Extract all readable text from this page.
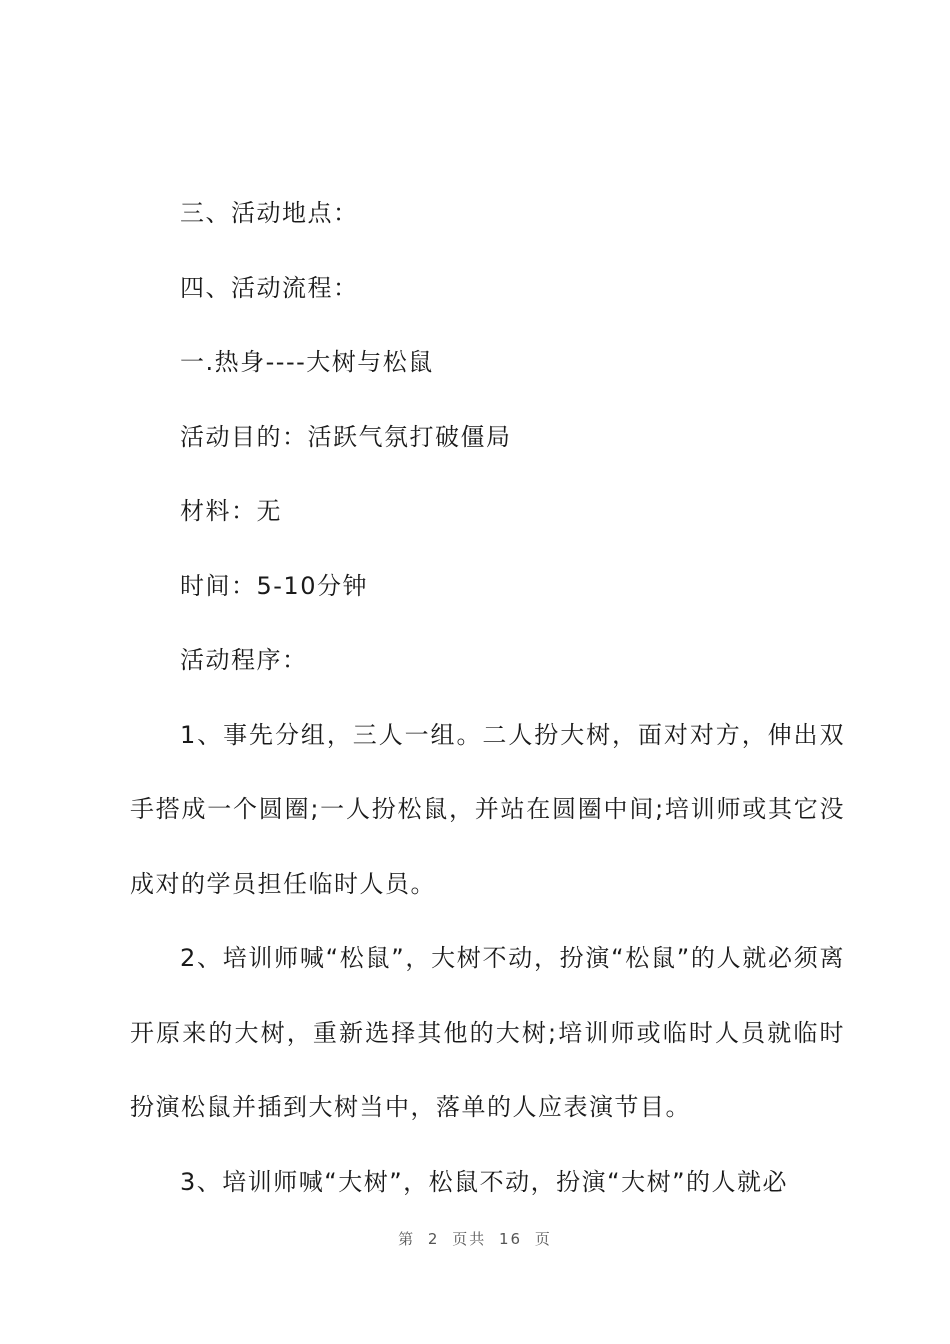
三、活动地点：

四、活动流程：

一.热身----大树与松鼠

活动目的：活跃气氛打破僵局

材料：无

时间：5-10分钟

活动程序：

1、事先分组，三人一组。二人扮大树，面对对方，伸出双手搭成一个圆圈;一人扮松鼠，并站在圆圈中间;培训师或其它没成对的学员担任临时人员。

2、培训师喊“松鼠”，大树不动，扮演“松鼠”的人就必须离开原来的大树，重新选择其他的大树;培训师或临时人员就临时扮演松鼠并插到大树当中，落单的人应表演节目。

3、培训师喊“大树”，松鼠不动，扮演“大树”的人就必

第 2 页共 16 页
